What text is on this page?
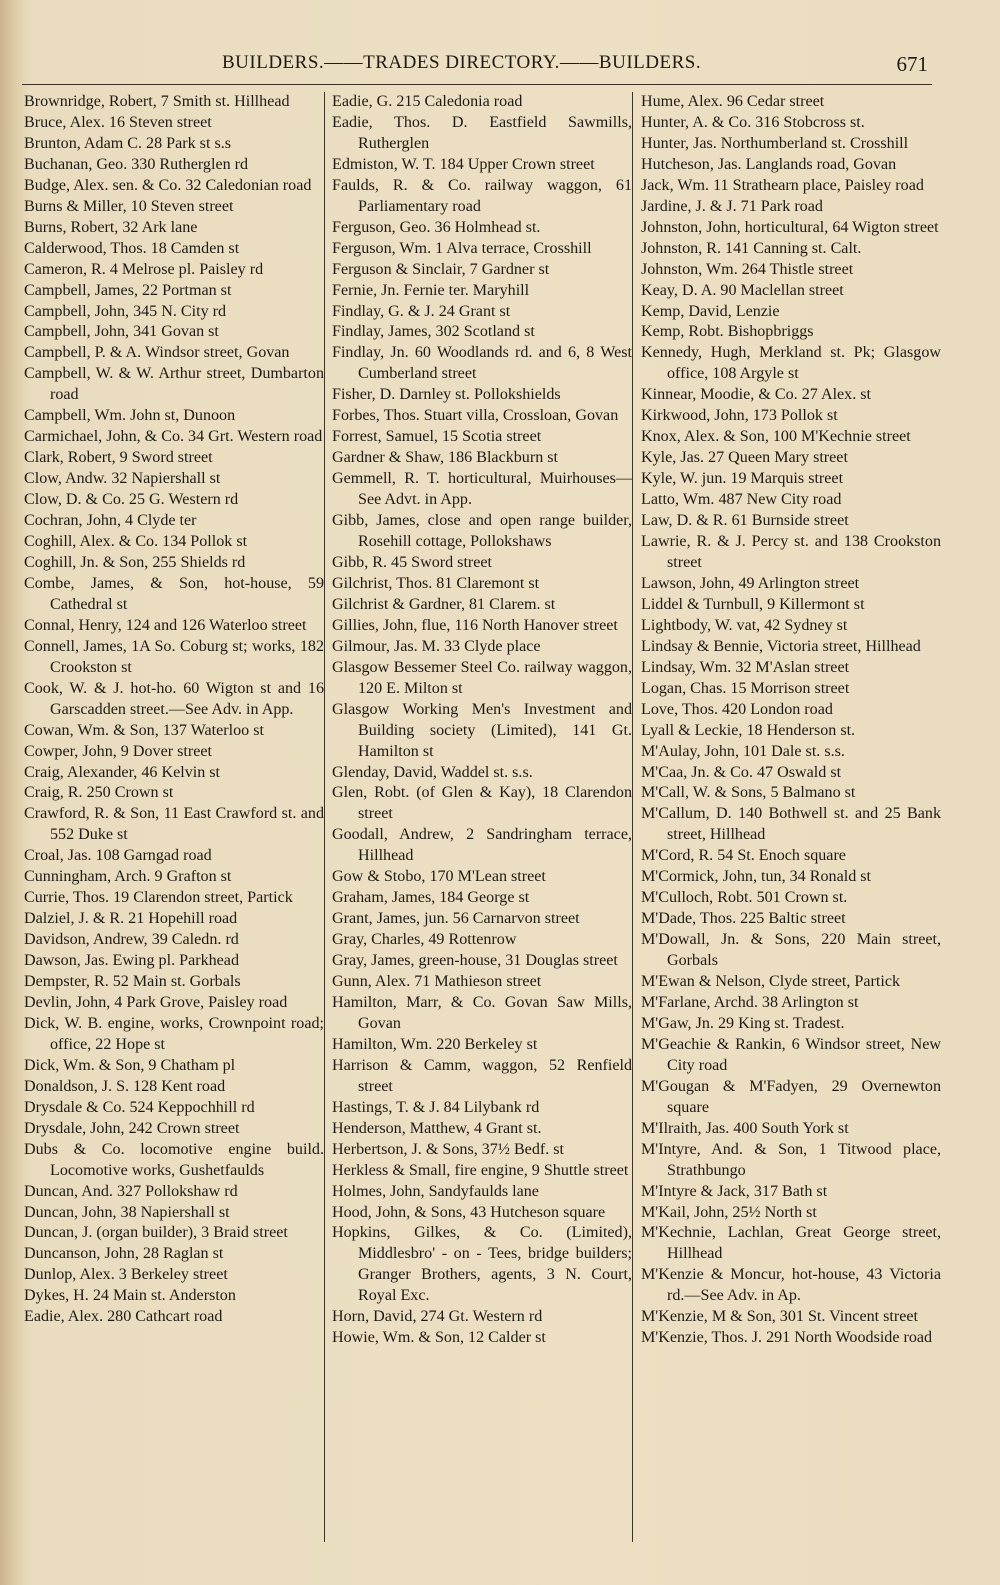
BUILDERS.——TRADES DIRECTORY.——BUILDERS.	671

Brownridge, Robert, 7 Smith st. Hillhead

Bruce, Alex. 16 Steven street

Brunton, Adam C. 28 Park st s.s

Buchanan, Geo. 330 Rutherglen rd

Budge, Alex. sen. & Co. 32 Caledonian road

Burns & Miller, 10 Steven street

Burns, Robert, 32 Ark lane

Calderwood, Thos. 18 Camden st

Cameron, R. 4 Melrose pl. Paisley rd

Campbell, James, 22 Portman st

Campbell, John, 345 N. City rd

Campbell, John, 341 Govan st

Campbell, P. & A. Windsor street, Govan

Campbell, W. & W. Arthur street, Dumbarton road

Campbell, Wm. John st, Dunoon

Carmichael, John, & Co. 34 Grt. Western road

Clark, Robert, 9 Sword street

Clow, Andw. 32 Napiershall st

Clow, D. & Co. 25 G. Western rd

Cochran, John, 4 Clyde ter

Coghill, Alex. & Co. 134 Pollok st

Coghill, Jn. & Son, 255 Shields rd

Combe, James, & Son, hot-house, 59 Cathedral st

Connal, Henry, 124 and 126 Waterloo street

Connell, James, 1A So. Coburg st; works, 182 Crookston st

Cook, W. & J. hot-ho. 60 Wigton st and 16 Garscadden street.—See Adv. in App.

Cowan, Wm. & Son, 137 Waterloo st

Cowper, John, 9 Dover street

Craig, Alexander, 46 Kelvin st

Craig, R. 250 Crown st

Crawford, R. & Son, 11 East Crawford st. and 552 Duke st

Croal, Jas. 108 Garngad road

Cunningham, Arch. 9 Grafton st

Currie, Thos. 19 Clarendon street, Partick

Dalziel, J. & R. 21 Hopehill road

Davidson, Andrew, 39 Caledn. rd

Dawson, Jas. Ewing pl. Parkhead

Dempster, R. 52 Main st. Gorbals

Devlin, John, 4 Park Grove, Paisley road

Dick, W. B. engine, works, Crownpoint road; office, 22 Hope st

Dick, Wm. & Son, 9 Chatham pl

Donaldson, J. S. 128 Kent road

Drysdale & Co. 524 Keppochhill rd

Drysdale, John, 242 Crown street

Dubs & Co. locomotive engine build. Locomotive works, Gushetfaulds

Duncan, And. 327 Pollokshaw rd

Duncan, John, 38 Napiershall st

Duncan, J. (organ builder), 3 Braid street

Duncanson, John, 28 Raglan st

Dunlop, Alex. 3 Berkeley street

Dykes, H. 24 Main st. Anderston

Eadie, Alex. 280 Cathcart road

Eadie, G. 215 Caledonia road

Eadie, Thos. D. Eastfield Sawmills, Rutherglen

Edmiston, W. T. 184 Upper Crown street

Faulds, R. & Co. railway waggon, 61 Parliamentary road

Ferguson, Geo. 36 Holmhead st.

Ferguson, Wm. 1 Alva terrace, Crosshill

Ferguson & Sinclair, 7 Gardner st

Fernie, Jn. Fernie ter. Maryhill

Findlay, G. & J. 24 Grant st

Findlay, James, 302 Scotland st

Findlay, Jn. 60 Woodlands rd. and 6, 8 West Cumberland street

Fisher, D. Darnley st. Pollokshields

Forbes, Thos. Stuart villa, Crossloan, Govan

Forrest, Samuel, 15 Scotia street

Gardner & Shaw, 186 Blackburn st

Gemmell, R. T. horticultural, Muirhouses—See Advt. in App.

Gibb, James, close and open range builder, Rosehill cottage, Pollokshaws

Gibb, R. 45 Sword street

Gilchrist, Thos. 81 Claremont st

Gilchrist & Gardner, 81 Clarem. st

Gillies, John, flue, 116 North Hanover street

Gilmour, Jas. M. 33 Clyde place

Glasgow Bessemer Steel Co. railway waggon, 120 E. Milton st

Glasgow Working Men's Investment and Building society (Limited), 141 Gt. Hamilton st

Glenday, David, Waddel st. s.s.

Glen, Robt. (of Glen & Kay), 18 Clarendon street

Goodall, Andrew, 2 Sandringham terrace, Hillhead

Gow & Stobo, 170 M'Lean street

Graham, James, 184 George st

Grant, James, jun. 56 Carnarvon street

Gray, Charles, 49 Rottenrow

Gray, James, green-house, 31 Douglas street

Gunn, Alex. 71 Mathieson street

Hamilton, Marr, & Co. Govan Saw Mills, Govan

Hamilton, Wm. 220 Berkeley st

Harrison & Camm, waggon, 52 Renfield street

Hastings, T. & J. 84 Lilybank rd

Henderson, Matthew, 4 Grant st.

Herbertson, J. & Sons, 37½ Bedf. st

Herkless & Small, fire engine, 9 Shuttle street

Holmes, John, Sandyfaulds lane

Hood, John, & Sons, 43 Hutcheson square

Hopkins, Gilkes, & Co. (Limited), Middlesbro' - on - Tees, bridge builders; Granger Brothers, agents, 3 N. Court, Royal Exc.

Horn, David, 274 Gt. Western rd

Howie, Wm. & Son, 12 Calder st

Hume, Alex. 96 Cedar street

Hunter, A. & Co. 316 Stobcross st.

Hunter, Jas. Northumberland st. Crosshill

Hutcheson, Jas. Langlands road, Govan

Jack, Wm. 11 Strathearn place, Paisley road

Jardine, J. & J. 71 Park road

Johnston, John, horticultural, 64 Wigton street

Johnston, R. 141 Canning st. Calt.

Johnston, Wm. 264 Thistle street

Keay, D. A. 90 Maclellan street

Kemp, David, Lenzie

Kemp, Robt. Bishopbriggs

Kennedy, Hugh, Merkland st. Pk; Glasgow office, 108 Argyle st

Kinnear, Moodie, & Co. 27 Alex. st

Kirkwood, John, 173 Pollok st

Knox, Alex. & Son, 100 M'Kechnie street

Kyle, Jas. 27 Queen Mary street

Kyle, W. jun. 19 Marquis street

Latto, Wm. 487 New City road

Law, D. & R. 61 Burnside street

Lawrie, R. & J. Percy st. and 138 Crookston street

Lawson, John, 49 Arlington street

Liddel & Turnbull, 9 Killermont st

Lightbody, W. vat, 42 Sydney st

Lindsay & Bennie, Victoria street, Hillhead

Lindsay, Wm. 32 M'Aslan street

Logan, Chas. 15 Morrison street

Love, Thos. 420 London road

Lyall & Leckie, 18 Henderson st.

M'Aulay, John, 101 Dale st. s.s.

M'Caa, Jn. & Co. 47 Oswald st

M'Call, W. & Sons, 5 Balmano st

M'Callum, D. 140 Bothwell st. and 25 Bank street, Hillhead

M'Cord, R. 54 St. Enoch square

M'Cormick, John, tun, 34 Ronald st

M'Culloch, Robt. 501 Crown st.

M'Dade, Thos. 225 Baltic street

M'Dowall, Jn. & Sons, 220 Main street, Gorbals

M'Ewan & Nelson, Clyde street, Partick

M'Farlane, Archd. 38 Arlington st

M'Gaw, Jn. 29 King st. Tradest.

M'Geachie & Rankin, 6 Windsor street, New City road

M'Gougan & M'Fadyen, 29 Overnewton square

M'Ilraith, Jas. 400 South York st

M'Intyre, And. & Son, 1 Titwood place, Strathbungo

M'Intyre & Jack, 317 Bath st

M'Kail, John, 25½ North st

M'Kechnie, Lachlan, Great George street, Hillhead

M'Kenzie & Moncur, hot-house, 43 Victoria rd.—See Adv. in Ap.

M'Kenzie, M & Son, 301 St. Vincent street

M'Kenzie, Thos. J. 291 North Woodside road
